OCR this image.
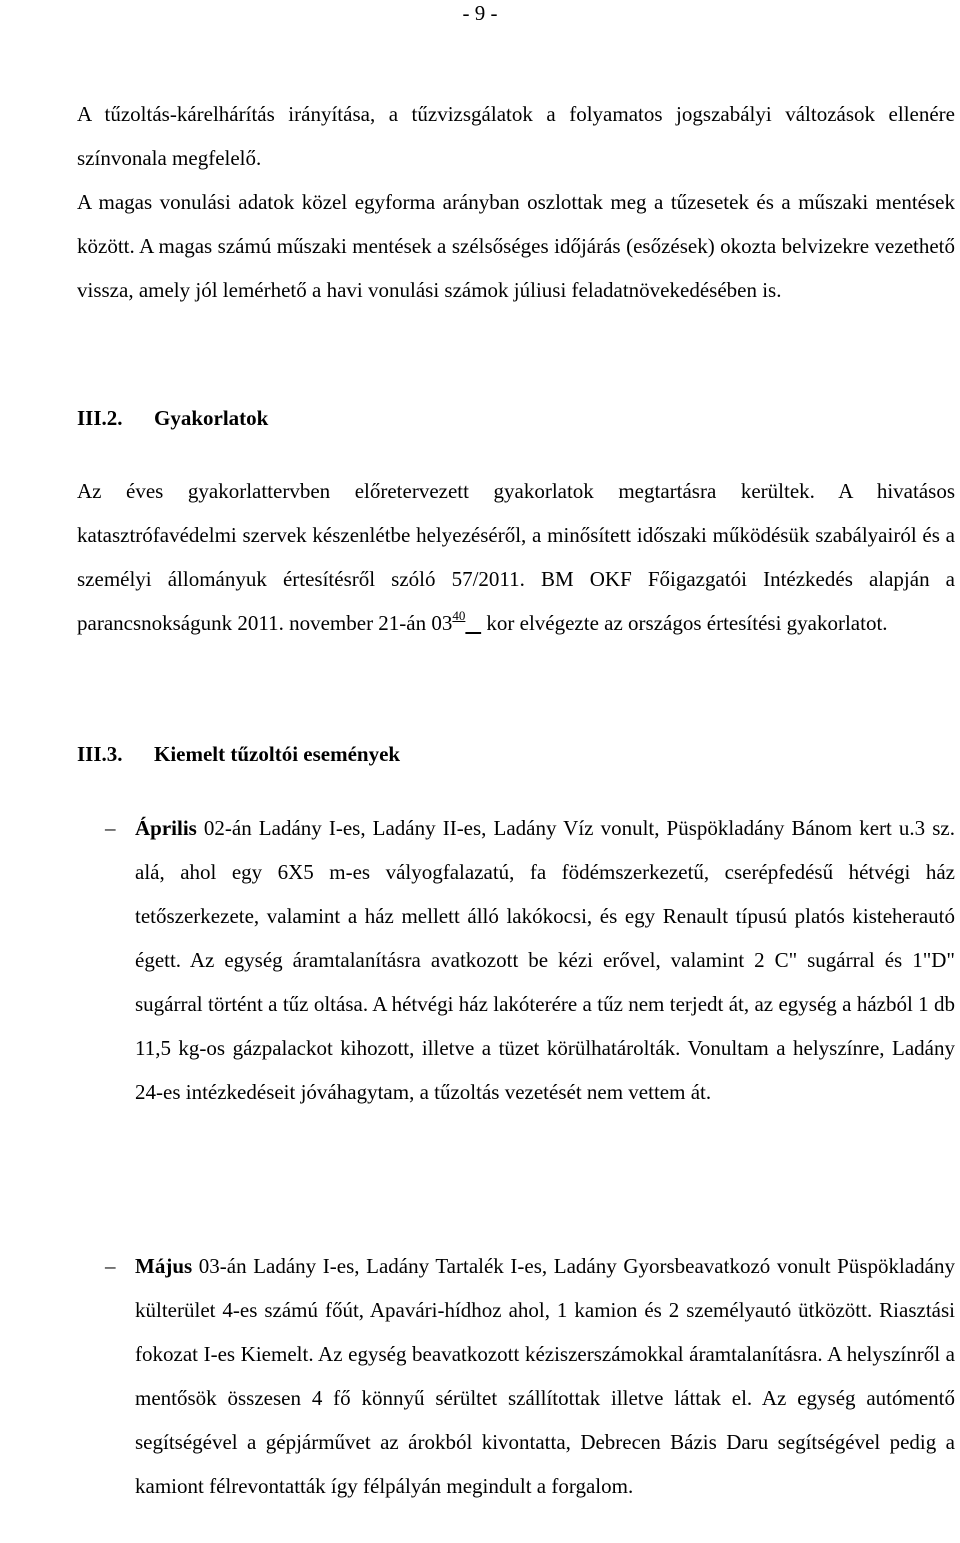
- 9 -

A tűzoltás-kárelhárítás irányítása, a tűzvizsgálatok a folyamatos jogszabályi változások ellenére színvonala megfelelő.
A magas vonulási adatok közel egyforma arányban oszlottak meg a tűzesetek és a műszaki mentések között. A magas számú műszaki mentések a szélsőséges időjárás (esőzések) okozta belvizekre vezethető vissza, amely jól lemérhető a havi vonulási számok júliusi feladatnövekedésében is.

III.2.

Az éves gyakorlattervben előretervezett gyakorlatok megtartásra kerültek. A hivatásos katasztrófavédelmi szervek készenlétbe helyezéséről, a minősített időszaki működésük szabályairól és a személyi állományuk értesítésről szóló 57/2011. BM OKF Főigazgatói Intézkedés alapján a parancsnokságunk 2011. november 21-án $03^{40}$    kor elvégezte az országos értesítési gyakorlatot.

III.3.
– Április 02-án Ladány I-es, Ladány II-es, Ladány Víz vonult, Püspökladány Bánom kert u.3 sz. alá, ahol egy 6X5 m-es vályogfalazatú, fa födémszerkezetű, cserépfedésű hétvégi ház tetőszerkezete, valamint a ház mellett álló lakókocsi, és egy Renault típusú platós kisteherautó égett. Az egység áramtalanításra avatkozott be kézi erővel, valamint 2 C" sugárral és 1"D" sugárral történt a tűz oltása. A hétvégi ház lakóterére a tűz nem terjedt át, az egység a házból 1 db 11,5 kg-os gázpalackot kihozott, illetve a tüzet körülhatárolták. Vonultam a helyszínre, Ladány 24-es intézkedéseit jóváhagytam, a tűzoltás vezetését nem vettem át.
– Május 03-án Ladány I-es, Ladány Tartalék I-es, Ladány Gyorsbeavatkozó vonult Püspökladány külterület 4-es számú főút, Apavári-hídhoz ahol, 1 kamion és 2 személyautó ütközött. Riasztási fokozat I-es Kiemelt. Az egység beavatkozott kéziszerszámokkal áramtalanításra. A helyszínről a mentősök összesen 4 fő könnyű sérültet szállítottak illetve láttak el. Az egység autómentő segítségével a gépjárművet az árokból kivontatta, Debrecen Bázis Daru segítségével pedig a kamiont félrevontatták így félpályán megindult a forgalom.
Gyakorlatok
Kiemelt tűzoltói események
